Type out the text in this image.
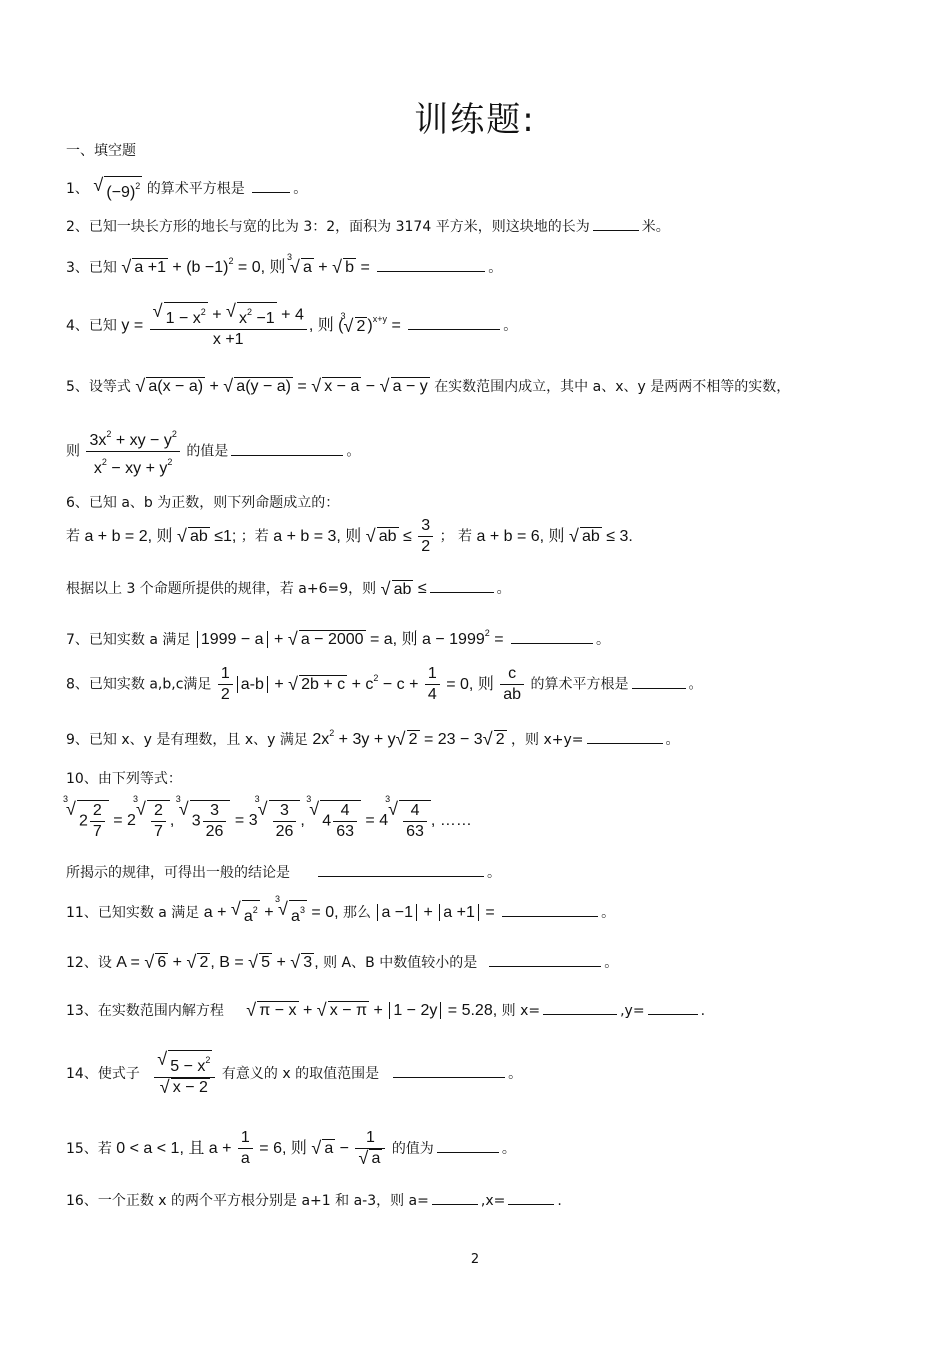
训练题:
一、填空题
1、 √ $(-9)^2$ 的算术平方根是	。
2、已知一块长方形的地长与宽的比为 3：2，面积为 3174 平方米，则这块地的长为	米。
3、已知 √ $a +1 + (b -1)^2 = 0$, 则
3
√ a + √ b =	。
4、已知 $y = \frac{√ 1 - x^2 + √ x^2 -1 + 4}{x +1}$ , 则 (
3
√ 2 )$^{x+y}$ =	。
5、设等式 √ a(x − a) + √ a(y − a) = √ x − a − √ a − y 在实数范围内成立，其中 a、x、y 是两两不相等的实数，
则 $\frac{3x^2 + xy - y^2}{x^2 - xy + y^2}$ 的值是	。
6、已知 a、b 为正数，则下列命题成立的：
若 a + b = 2, 则 √ ab ≤1; ；若 a + b = 3, 则 √ ab ≤ $\frac{3}{2}$ ； 若 a + b = 6, 则 √ ab ≤ 3.
根据以上 3 个命题所提供的规律，若 a+6=9，则 √ ab ≤	。
7、已知实数 a 满足 1999 − a + √ a − 2000 = a, 则 $a - 1999^2$ =	。
8、已知实数 a,b,c满足 $\frac{1}{2} a-b$ + √ $2b + c + c^2 - c + \frac{1}{4} = 0$, 则 $\frac{c}{ab}$ 的算术平方根是	。
9、已知 x、y 是有理数，且 x、y 满足 $2x^2 + 3y + y$ √ 2 = 23 − 3 √ 2 ，则 x+y=	。
10、由下列等式：
3
√
$2 \frac{2}{7} = 2$
3
√ $\frac{2}{7}$ ,
3
√
$3 \frac{3}{26} = 3$
3
√ $\frac{3}{26}$ ,
3
√
$4 \frac{4}{63} = 4$
3
√ $\frac{4}{63}$ , ……
所揭示的规律，可得出一般的结论是	。
11、已知实数 a 满足 a + √ $a^2$ +
3
√ $a^3 = 0$, 那么 a −1 + a +1 =	。
12、设 A = √ 6 + √ 2 , B = √ 5 + √ 3 , 则 A、B 中数值较小的是	。
13、在实数范围内解方程 √ π − x + √ x − π + 1 − 2y = 5.28, 则 x=	,y=	.
14、使式子 $\frac{√ 5 - x^2}{√ x - 2}$ 有意义的 x 的取值范围是	。
15、若 0 < a < 1, 且 $a + \frac{1}{a} = 6$, 则 √ $a - \frac{1}{√ a}$ 的值为	。
16、一个正数 x 的两个平方根分别是 a+1 和 a-3，则 a=	,x=	.
2
